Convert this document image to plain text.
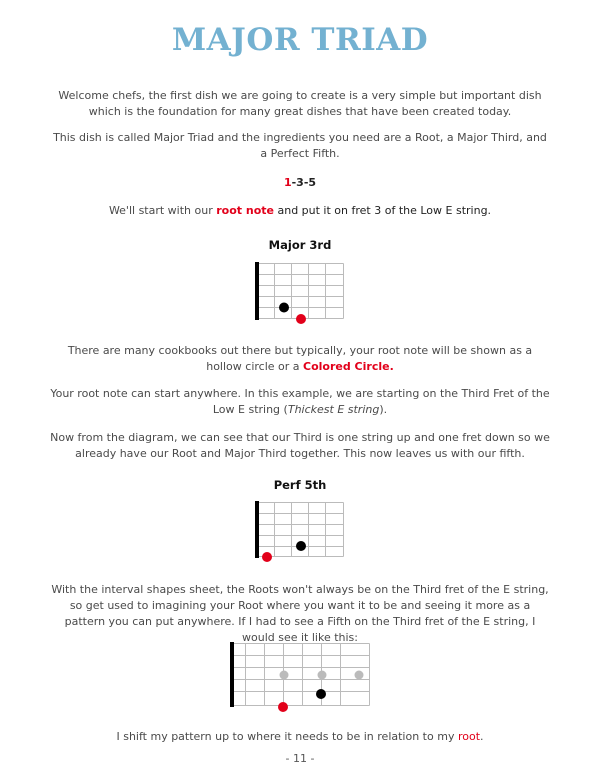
MAJOR TRIAD
Welcome chefs, the first dish we are going to create is a very simple but important dish which is the foundation for many great dishes that have been created today.
This dish is called Major Triad and the ingredients you need are a Root, a Major Third, and a Perfect Fifth.
1-3-5
We'll start with our root note and put it on fret 3 of the Low E string.
Major 3rd
There are many cookbooks out there but typically, your root note will be shown as a hollow circle or a Colored Circle.
Your root note can start anywhere. In this example, we are starting on the Third Fret of the Low E string (Thickest E string).
Now from the diagram, we can see that our Third is one string up and one fret down so we already have our Root and Major Third together. This now leaves us with our fifth.
Perf 5th
With the interval shapes sheet, the Roots won't always be on the Third fret of the E string, so get used to imagining your Root where you want it to be and seeing it more as a pattern you can put anywhere. If I had to see a Fifth on the Third fret of the E string, I would see it like this:
I shift my pattern up to where it needs to be in relation to my root.
- 11 -
